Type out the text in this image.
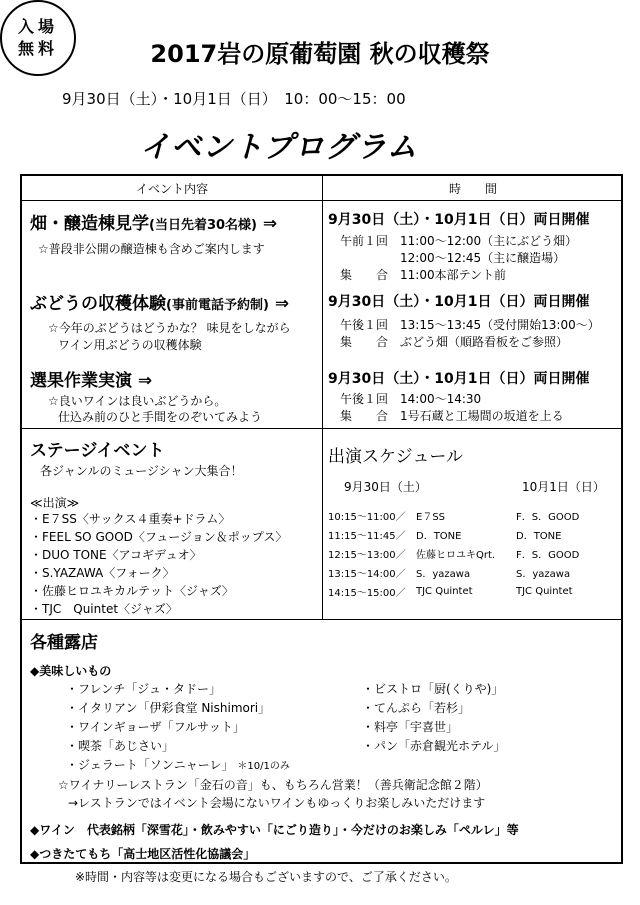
2017岩の原葡萄園 秋の収穫祭
9月30日（土）・10月1日（日）　10：00～15：00
イベントプログラム
入場
無料
イベント内容	時　　間
畑・醸造棟見学(当日先着30名様) ⇒
☆普段非公開の醸造棟も含めご案内します
9月30日（土）・10月1日（日）両日開催
午前１回　11:00～12:00（主にぶどう畑）
　　　　　12:00～12:45（主に醸造場）
集　　合　11:00本部テント前
ぶどうの収穫体験(事前電話予約制) ⇒
☆今年のぶどうはどうかな？ 味見をしながら
ワイン用ぶどうの収穫体験
9月30日（土）・10月1日（日）両日開催
午後１回　13:15～13:45（受付開始13:00～）
集　　合　ぶどう畑（順路看板をご参照）
選果作業実演 ⇒
☆良いワインは良いぶどうから。
仕込み前のひと手間をのぞいてみよう
9月30日（土）・10月1日（日）両日開催
午後１回　14:00～14:30
集　　合　1号石蔵と工場間の坂道を上る
ステージイベント
各ジャンルのミュージシャン大集合！
≪出演≫
・E７SS〈サックス４重奏+ドラム〉
・FEEL SO GOOD〈フュージョン＆ポップス〉
・DUO TONE〈アコギデュオ〉
・S.YAZAWA〈フォーク〉
・佐藤ヒロユキカルテット〈ジャズ〉
・TJC　Quintet〈ジャズ〉
出演スケジュール
9月30日（土）	10月1日（日）
10:15～11:00／	E７SS	F．S．GOOD
11:15～11:45／	D．TONE	D．TONE
12:15～13:00／	佐藤ヒロユキQrt.	F．S．GOOD
13:15～14:00／	S．yazawa	S．yazawa
14:15～15:00／	TJC Quintet	TJC Quintet
各種露店
◆美味しいもの
・フレンチ「ジュ・タドー」
・イタリアン「伊彩食堂 Nishimori」
・ワインギョーザ「フルサット」
・喫茶「あじさい」
・ジェラート「ソンニャーレ」 ＊10/1のみ
・ビストロ「厨(くりや)」
・てんぷら「若杉」
・料亭「宇喜世」
・パン「赤倉観光ホテル」
☆ワイナリーレストラン「金石の音」も、もちろん営業！（善兵衛記念館２階）
→レストランではイベント会場にないワインもゆっくりお楽しみいただけます
◆ワイン　代表銘柄「深雪花」・飲みやすい「にごり造り」・今だけのお楽しみ「ペルレ」等
◆つきたてもち「高士地区活性化協議会」
※時間・内容等は変更になる場合もございますので、ご了承ください。
